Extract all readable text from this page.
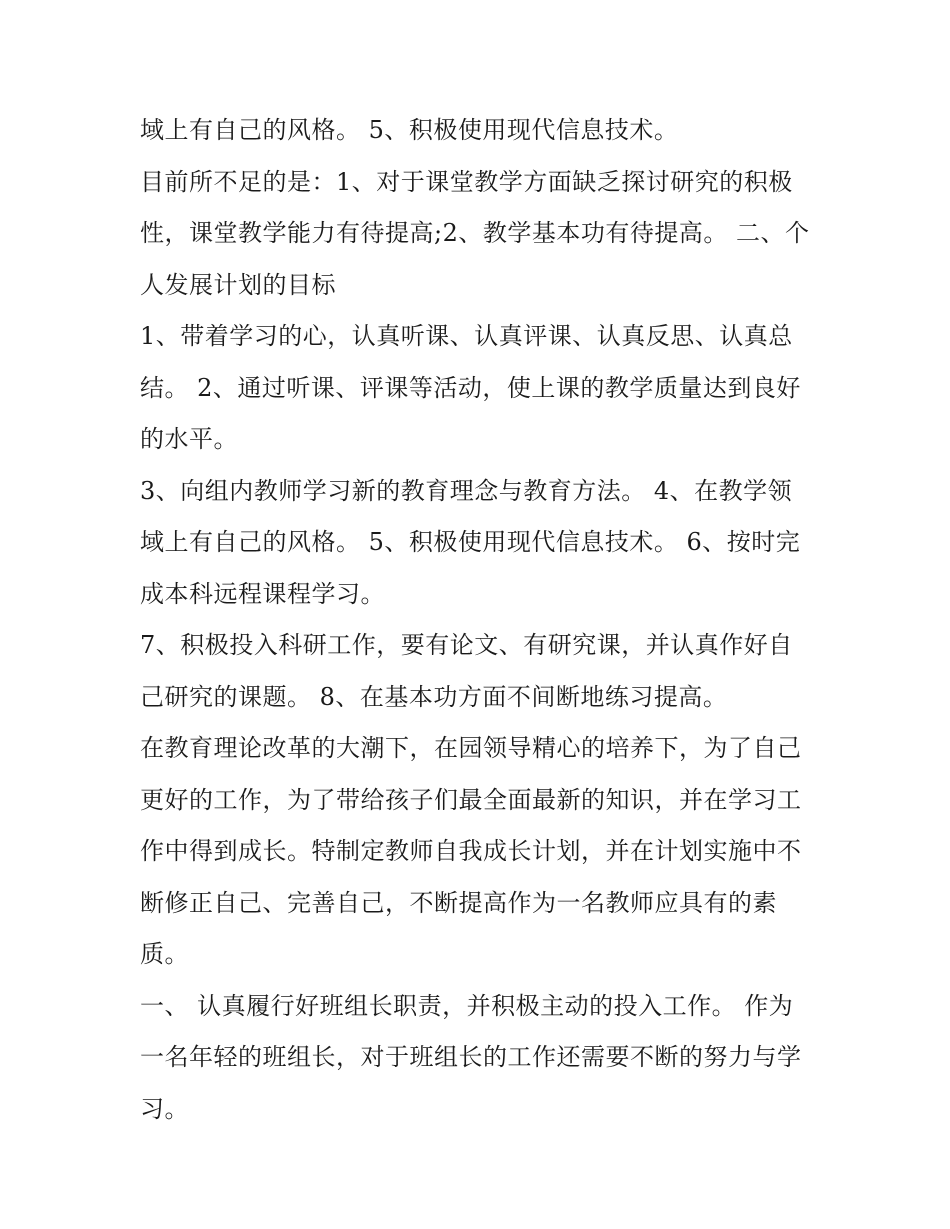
域上有自己的风格。 5、积极使用现代信息技术。
目前所不足的是：1、对于课堂教学方面缺乏探讨研究的积极
性，课堂教学能力有待提高;2、教学基本功有待提高。 二、个
人发展计划的目标
1、带着学习的心，认真听课、认真评课、认真反思、认真总
结。 2、通过听课、评课等活动，使上课的教学质量达到良好
的水平。
3、向组内教师学习新的教育理念与教育方法。 4、在教学领
域上有自己的风格。 5、积极使用现代信息技术。 6、按时完
成本科远程课程学习。
7、积极投入科研工作，要有论文、有研究课，并认真作好自
己研究的课题。 8、在基本功方面不间断地练习提高。
在教育理论改革的大潮下，在园领导精心的培养下，为了自己
更好的工作，为了带给孩子们最全面最新的知识，并在学习工
作中得到成长。特制定教师自我成长计划，并在计划实施中不
断修正自己、完善自己，不断提高作为一名教师应具有的素
质。
一、 认真履行好班组长职责，并积极主动的投入工作。 作为
一名年轻的班组长，对于班组长的工作还需要不断的努力与学
习。
